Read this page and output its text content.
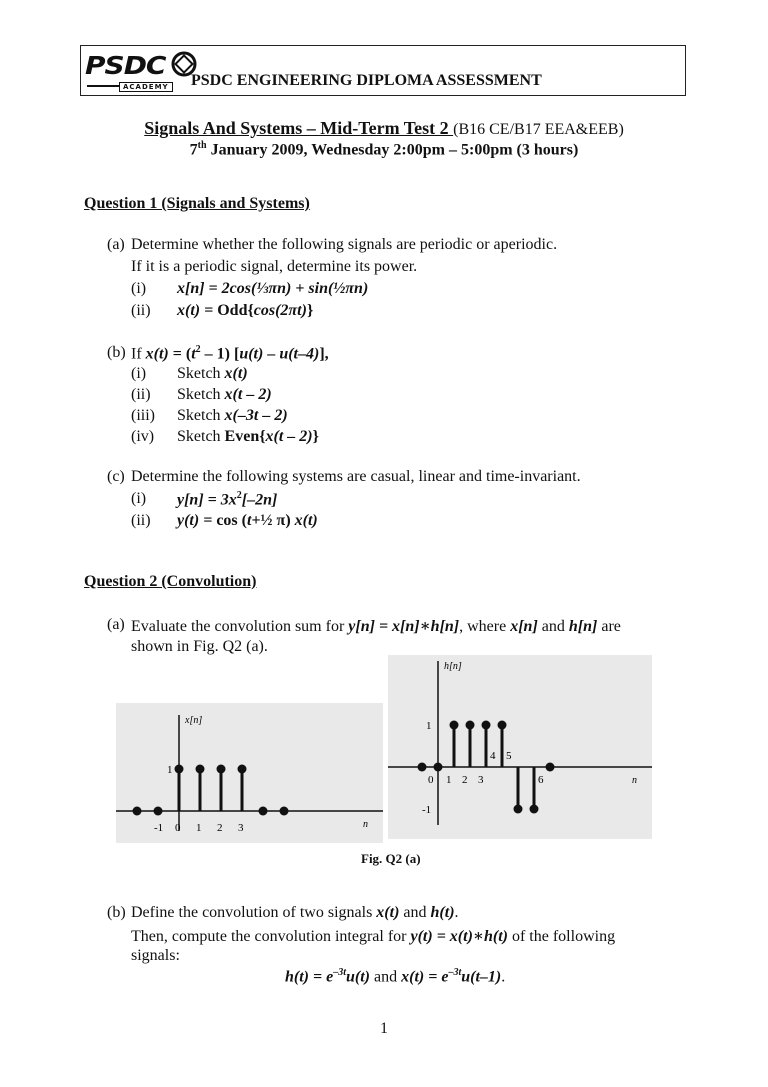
PSDC
ACADEMY PSDC ENGINEERING DIPLOMA ASSESSMENT
Signals And Systems – Mid-Term Test 2 (B16 CE/B17 EEA&EEB)
7th January 2009, Wednesday 2:00pm – 5:00pm (3 hours)
Question 1 (Signals and Systems)
(a) Determine whether the following signals are periodic or aperiodic.
If it is a periodic signal, determine its power.
(i) x[n] = 2cos(⅓πn) + sin(½πn)
(ii) x(t) = Odd{cos(2πt)}
(b) If $x(t) = (t^2 - 1)$ [u(t) – u(t–4)],
(i) Sketch x(t)
(ii) Sketch x(t – 2)
(iii) Sketch x(–3t – 2)
(iv) Sketch Even{x(t – 2)}
(c) Determine the following systems are casual, linear and time-invariant.
(i) $y[n] = 3x^2[-2n]$
(ii) y(t) = cos (t+½ π) x(t)
Question 2 (Convolution)
(a) Evaluate the convolution sum for y[n] = x[n]∗h[n], where x[n] and h[n] are
shown in Fig. Q2 (a).
x[n]
n
1
-1 0 1 2 3
h[n]
n
1
-1
0 1 2 3
4 5
6
Fig. Q2 (a)
(b) Define the convolution of two signals x(t) and h(t).
Then, compute the convolution integral for y(t) = x(t)∗h(t) of the following
signals:
$h(t) = e^{-3t}u(t)$ and $x(t) = e^{-3t}u(t-1)$.
1
